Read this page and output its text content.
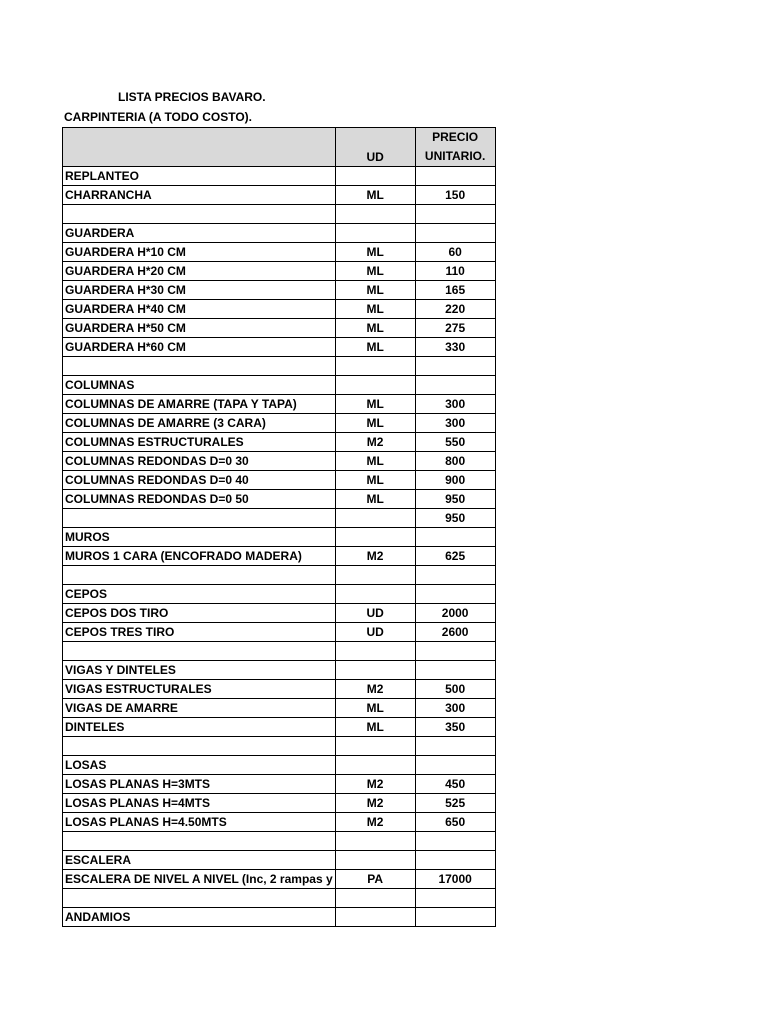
LISTA PRECIOS BAVARO.
CARPINTERIA (A TODO COSTO).
	UD	PRECIO
UNITARIO.

REPLANTEO		
CHARRANCHA	ML	150

GUARDERA		
GUARDERA H*10 CM	ML	60
GUARDERA H*20 CM	ML	110
GUARDERA H*30 CM	ML	165
GUARDERA H*40 CM	ML	220
GUARDERA H*50 CM	ML	275
GUARDERA H*60 CM	ML	330

COLUMNAS		
COLUMNAS DE AMARRE (TAPA Y TAPA)	ML	300
COLUMNAS DE AMARRE (3 CARA)	ML	300
COLUMNAS ESTRUCTURALES	M2	550
COLUMNAS REDONDAS D=0 30	ML	800
COLUMNAS REDONDAS D=0 40	ML	900
COLUMNAS REDONDAS D=0 50	ML	950
		950
MUROS		
MUROS 1 CARA (ENCOFRADO MADERA)	M2	625

CEPOS		
CEPOS DOS TIRO	UD	2000
CEPOS TRES TIRO	UD	2600

VIGAS Y DINTELES		
VIGAS ESTRUCTURALES	M2	500
VIGAS DE AMARRE	ML	300
DINTELES	ML	350

LOSAS		
LOSAS PLANAS H=3MTS	M2	450
LOSAS PLANAS H=4MTS	M2	525
LOSAS PLANAS H=4.50MTS	M2	650

ESCALERA		
ESCALERA DE NIVEL A NIVEL (Inc, 2 rampas y	PA	17000

ANDAMIOS		
